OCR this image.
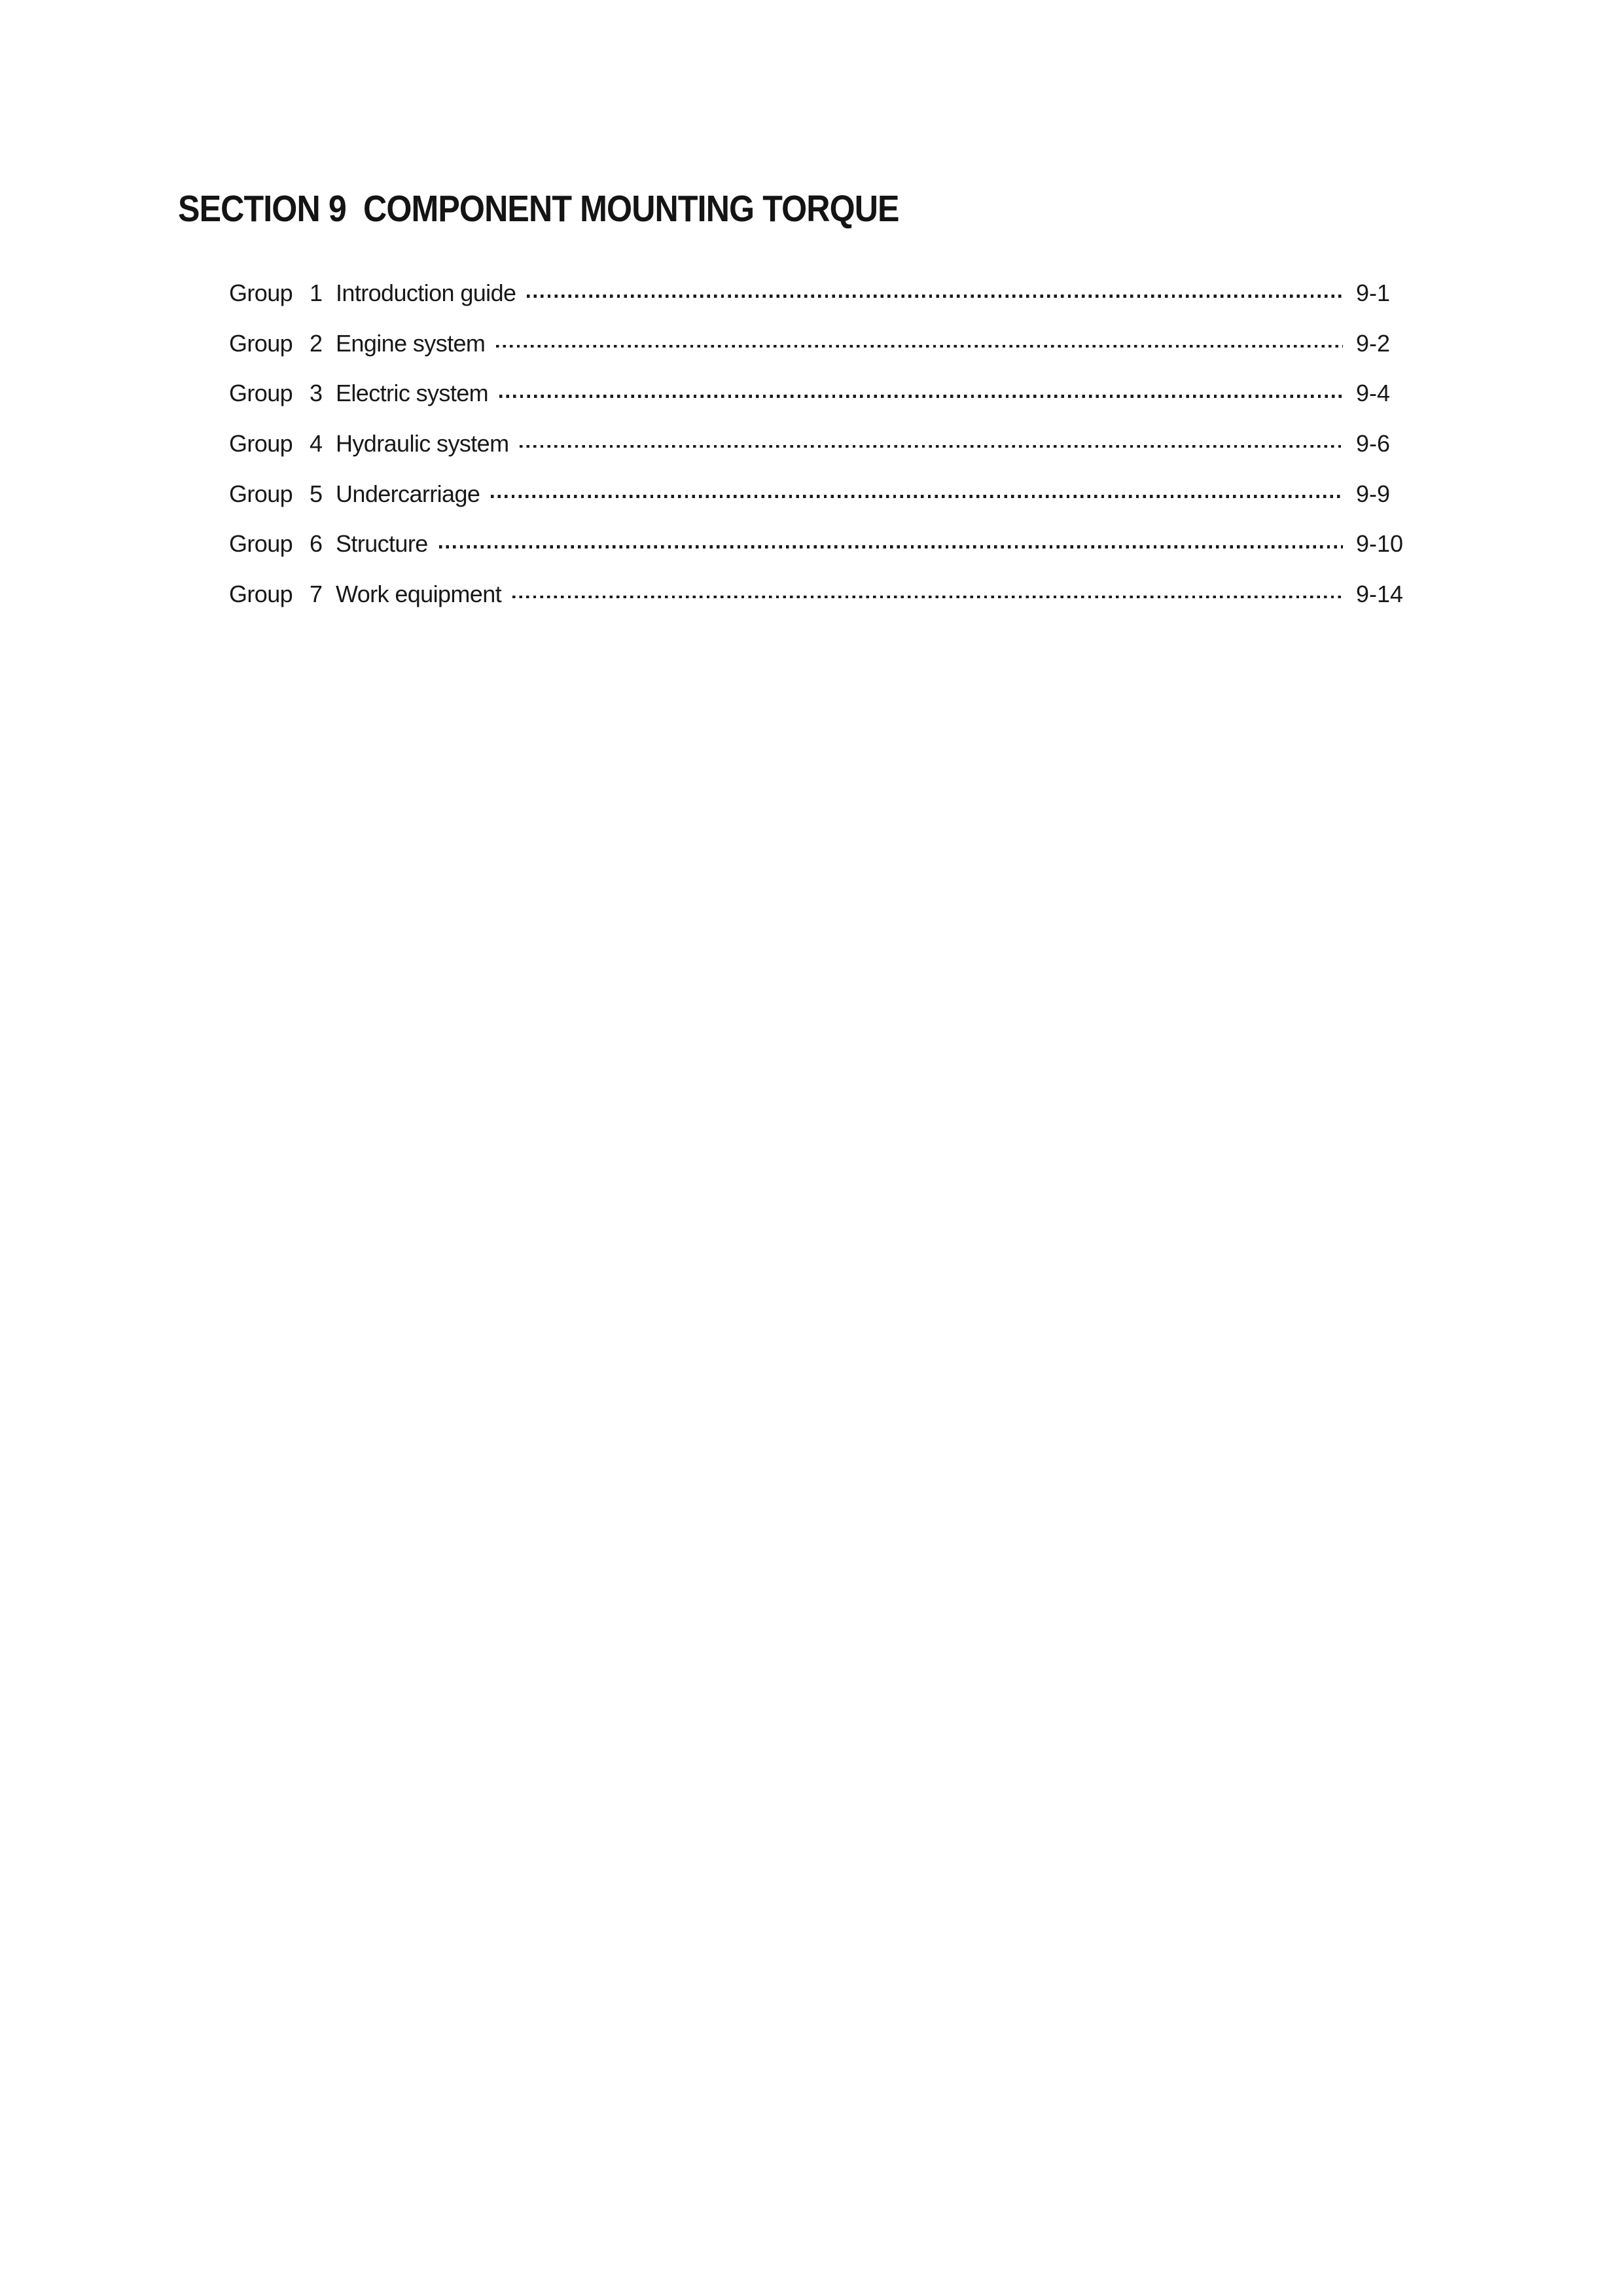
SECTION 9  COMPONENT MOUNTING TORQUE
Group 1 Introduction guide	9-1
Group 2 Engine system	9-2
Group 3 Electric system	9-4
Group 4 Hydraulic system	9-6
Group 5 Undercarriage	9-9
Group 6 Structure	9-10
Group 7 Work equipment	9-14
